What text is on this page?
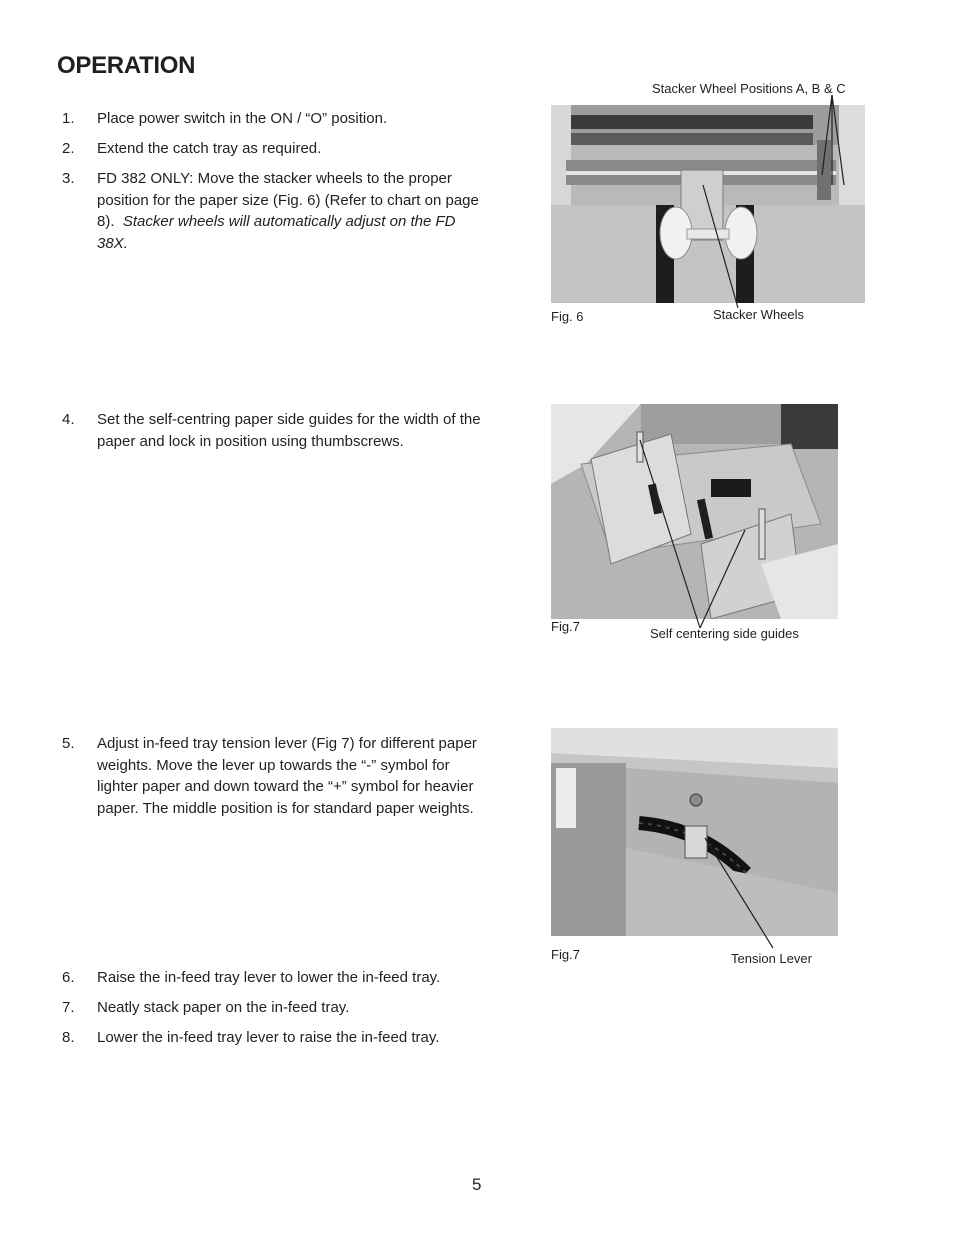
OPERATION
1. Place power switch in the ON / “O” position.
2. Extend the catch tray as required.
3. FD 382 ONLY: Move the stacker wheels to the proper position for the paper size (Fig. 6) (Refer to chart on page 8). Stacker wheels will automatically adjust on the FD 38X.
4. Set the self-centring paper side guides for the width of the paper and lock in position using thumbscrews.
5. Adjust in-feed tray tension lever (Fig 7) for different paper weights. Move the lever up towards the “-” symbol for lighter paper and down toward the “+” symbol for heavier paper. The middle position is for standard paper weights.
6. Raise the in-feed tray lever to lower the in-feed tray.
7. Neatly stack paper on the in-feed tray.
8. Lower the in-feed tray lever to raise the in-feed tray.
Stacker Wheel Positions A, B & C
Fig. 6	Stacker Wheels
Fig.7	Self centering side guides
Fig.7	Tension Lever
5
